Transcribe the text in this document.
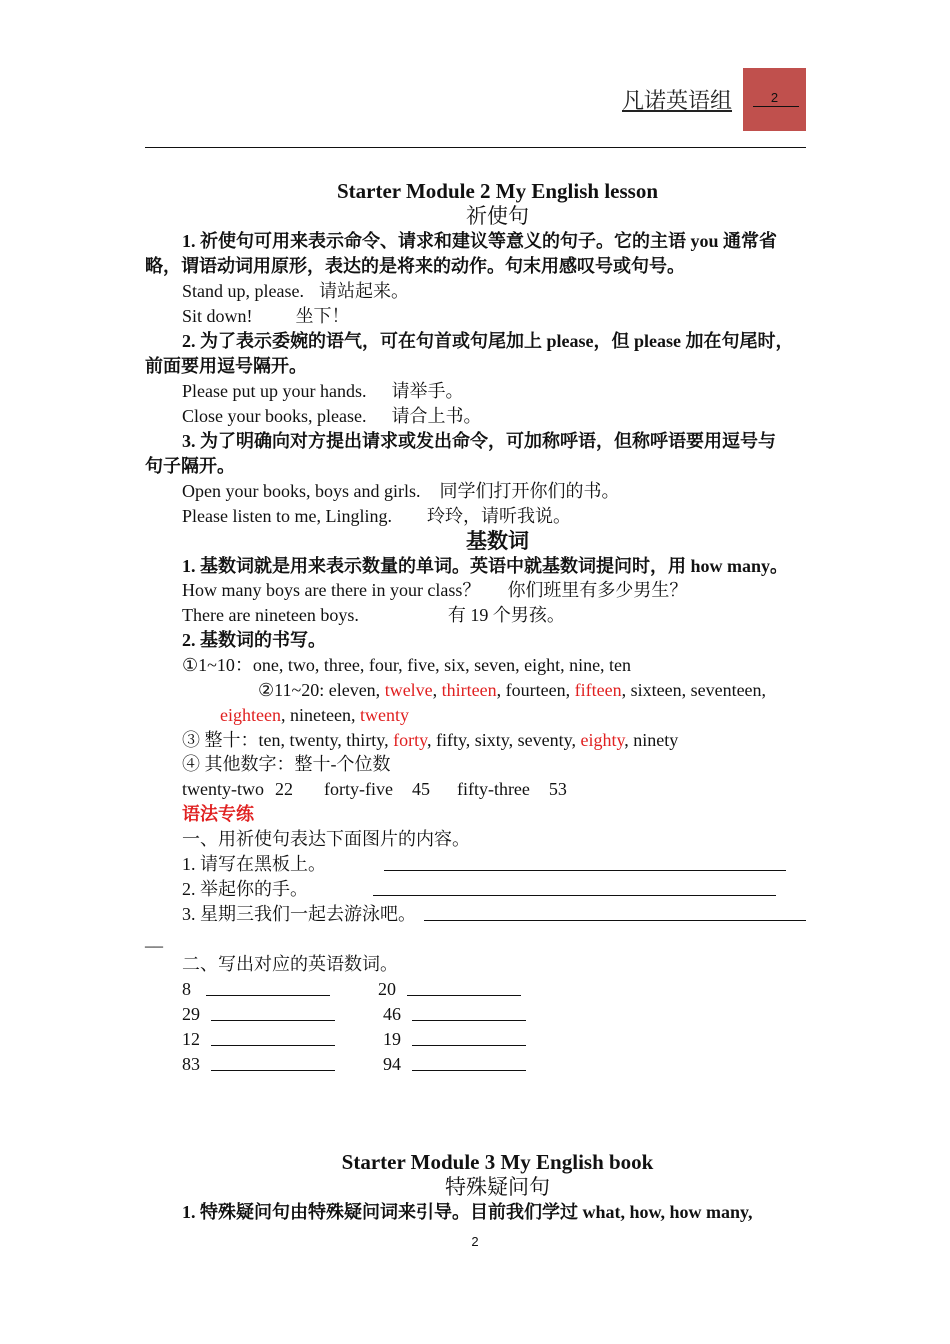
凡诺英语组	2
Starter Module 2 My English lesson
祈使句
1. 祈使句可用来表示命令、请求和建议等意义的句子。它的主语 you 通常省
略，谓语动词用原形，表达的是将来的动作。句末用感叹号或句号。
Stand up, please. 请站起来。
Sit down! 坐下！
2. 为了表示委婉的语气，可在句首或句尾加上 please，但 please 加在句尾时，
前面要用逗号隔开。
Please put up your hands. 请举手。
Close your books, please. 请合上书。
3. 为了明确向对方提出请求或发出命令，可加称呼语，但称呼语要用逗号与
句子隔开。
Open your books, boys and girls. 同学们打开你们的书。
Please listen to me, Lingling. 玲玲，请听我说。
基数词
1. 基数词就是用来表示数量的单词。英语中就基数词提问时，用 how many。
How many boys are there in your class？ 你们班里有多少男生？
There are nineteen boys.	有 19 个男孩。
2. 基数词的书写。
①1~10：one, two, three, four, five, six, seven, eight, nine, ten
②11~20: eleven, twelve, thirteen, fourteen, fifteen, sixteen, seventeen,
eighteen, nineteen, twenty
③ 整十：ten, twenty, thirty, forty, fifty, sixty, seventy, eighty, ninety
④ 其他数字：整十-个位数
twenty-two 22 forty-five 45 fifty-three 53
语法专练
一、用祈使句表达下面图片的内容。
1. 请写在黑板上。
2. 举起你的手。
3. 星期三我们一起去游泳吧。
__
二、写出对应的英语数词。
8	20
29	46
12	19
83	94
Starter Module 3 My English book
特殊疑问句
1. 特殊疑问句由特殊疑问词来引导。目前我们学过 what, how, how many,
2
